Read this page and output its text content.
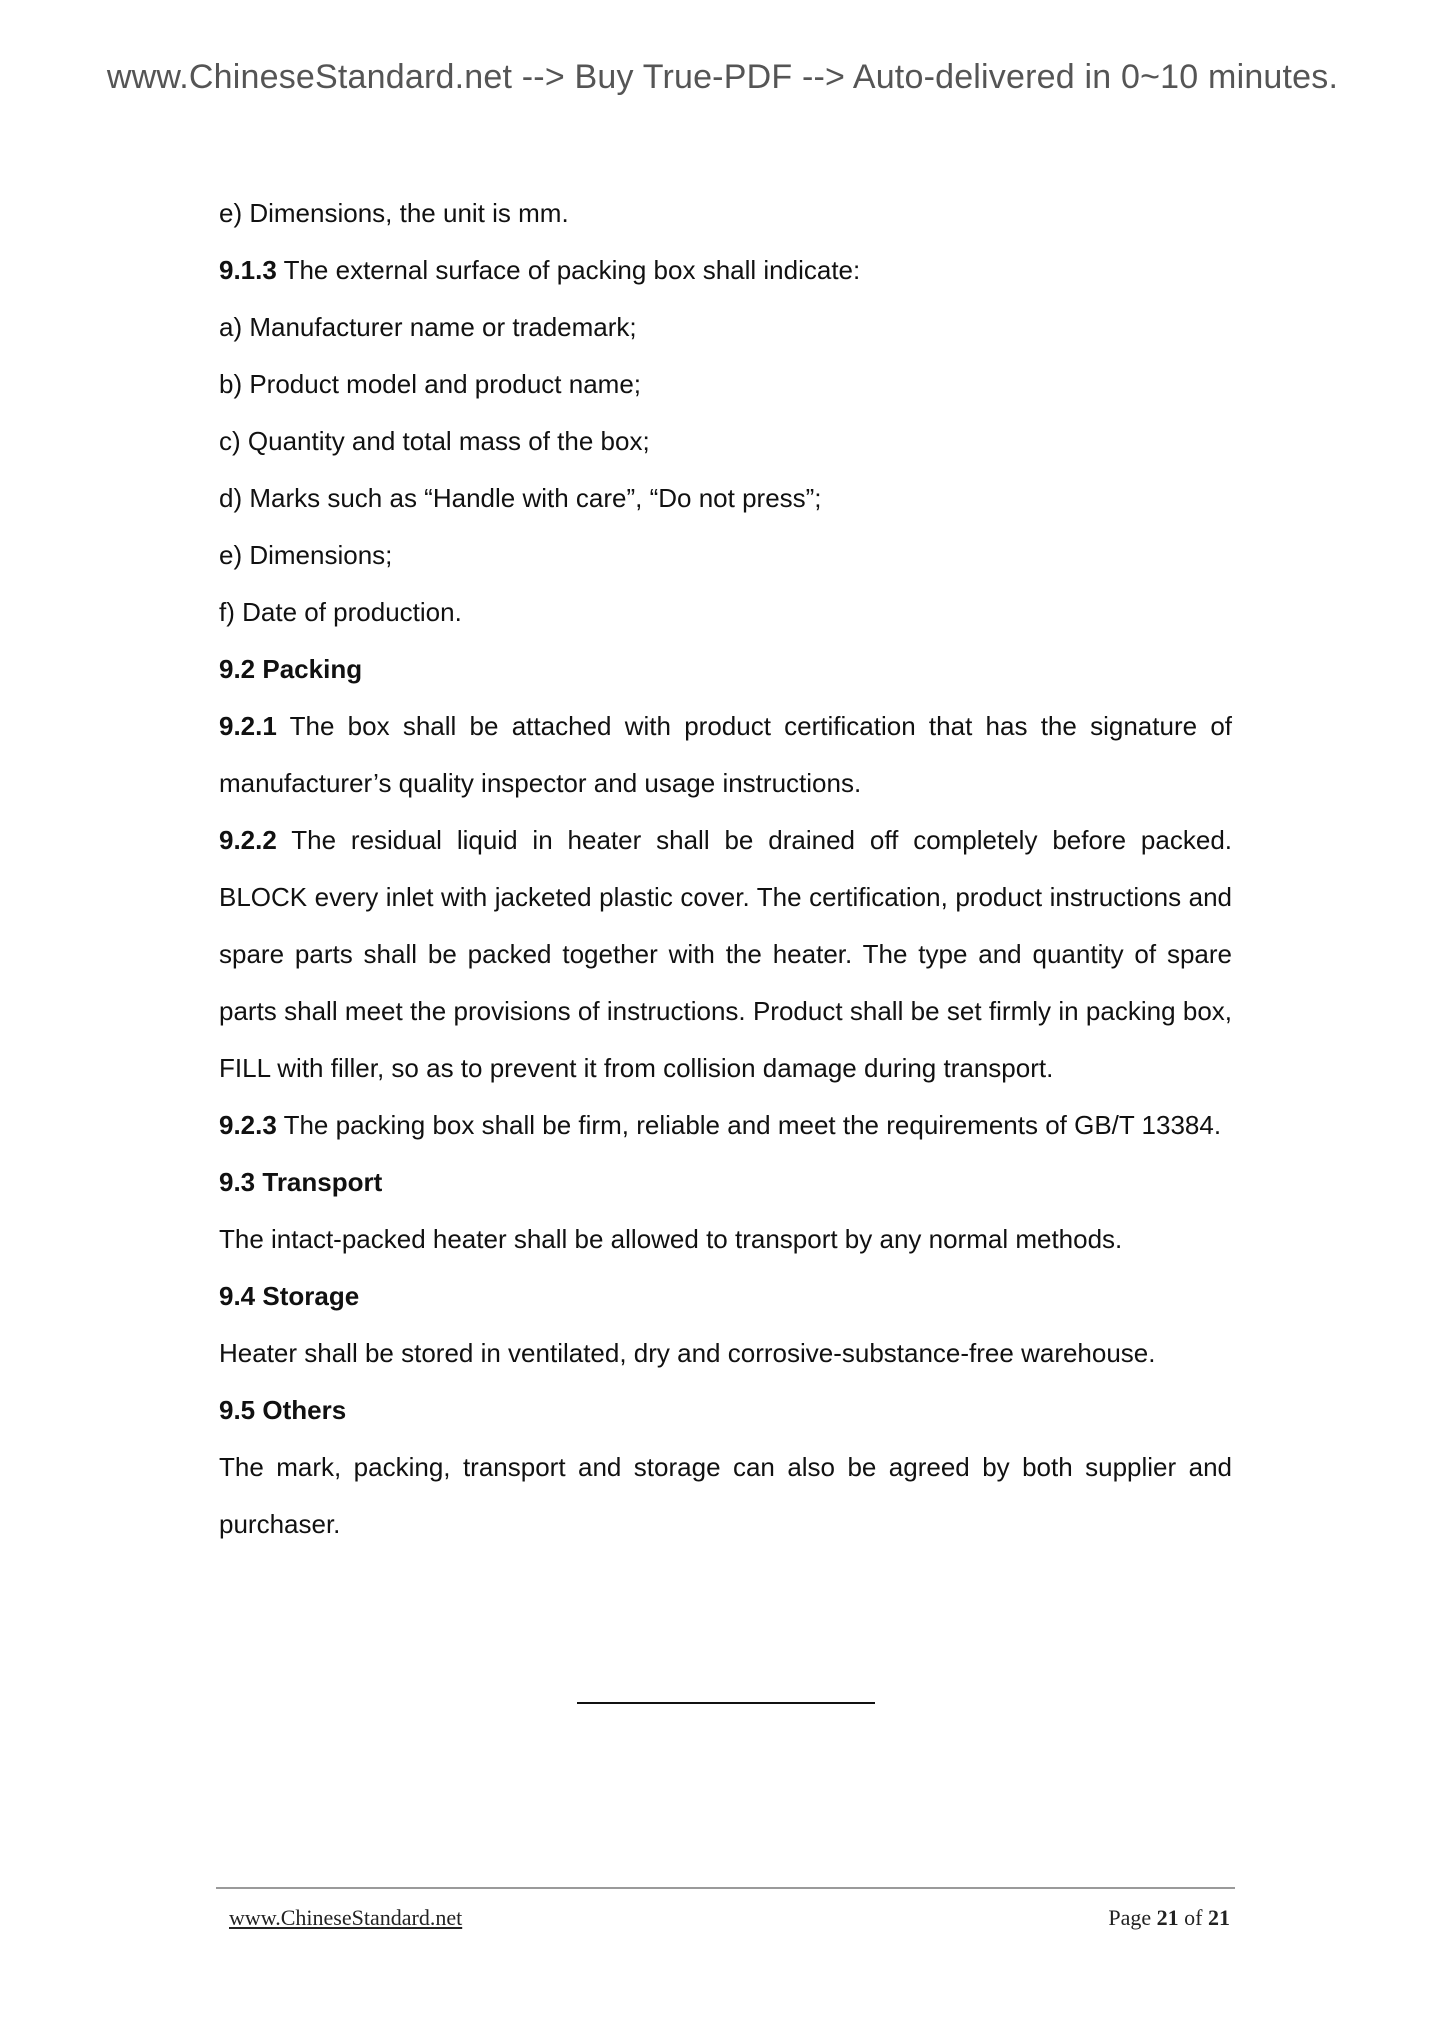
www.ChineseStandard.net --> Buy True-PDF --> Auto-delivered in 0~10 minutes.

e) Dimensions, the unit is mm.

9.1.3 The external surface of packing box shall indicate:

a) Manufacturer name or trademark;

b) Product model and product name;

c) Quantity and total mass of the box;

d) Marks such as “Handle with care”, “Do not press”;

e) Dimensions;

f) Date of production.

9.2 Packing

9.2.1 The box shall be attached with product certification that has the signature of manufacturer’s quality inspector and usage instructions.

9.2.2 The residual liquid in heater shall be drained off completely before packed. BLOCK every inlet with jacketed plastic cover. The certification, product instructions and spare parts shall be packed together with the heater. The type and quantity of spare parts shall meet the provisions of instructions. Product shall be set firmly in packing box, FILL with filler, so as to prevent it from collision damage during transport.

9.2.3 The packing box shall be firm, reliable and meet the requirements of GB/T 13384.

9.3 Transport

The intact-packed heater shall be allowed to transport by any normal methods.

9.4 Storage

Heater shall be stored in ventilated, dry and corrosive-substance-free warehouse.

9.5 Others

The mark, packing, transport and storage can also be agreed by both supplier and purchaser.

www.ChineseStandard.net	Page 21 of 21
